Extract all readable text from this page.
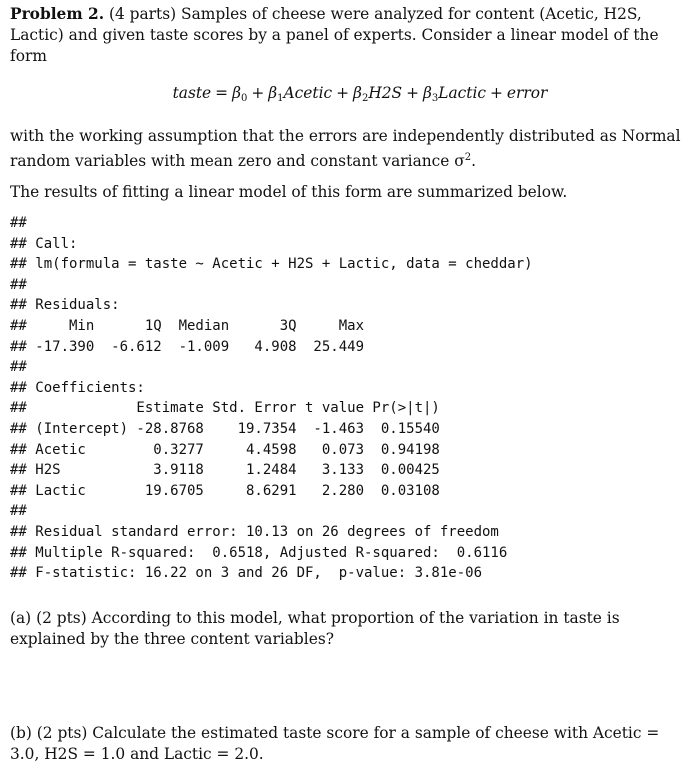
Problem 2. (4 parts) Samples of cheese were analyzed for content (Acetic, H2S, Lactic) and given taste scores by a panel of experts. Consider a linear model of the form

taste = $\beta_0$ + $\beta_1Acetic + \beta_2H2S$ + $\beta_3Lactic$ + error

with the working assumption that the errors are independently distributed as Normal random variables with mean zero and constant variance $\sigma^2$.

The results of fitting a linear model of this form are summarized below.

##
## Call:
## lm(formula = taste ~ Acetic + H2S + Lactic, data = cheddar)
##
## Residuals:
##     Min      1Q  Median      3Q     Max
## -17.390  -6.612  -1.009   4.908  25.449
##
## Coefficients:
##             Estimate Std. Error t value Pr(>|t|)
## (Intercept) -28.8768    19.7354  -1.463  0.15540
## Acetic        0.3277     4.4598   0.073  0.94198
## H2S           3.9118     1.2484   3.133  0.00425
## Lactic       19.6705     8.6291   2.280  0.03108
##
## Residual standard error: 10.13 on 26 degrees of freedom
## Multiple R-squared:  0.6518, Adjusted R-squared:  0.6116
## F-statistic: 16.22 on 3 and 26 DF,  p-value: 3.81e-06

(a) (2 pts) According to this model, what proportion of the variation in taste is explained by the three content variables?

(b) (2 pts) Calculate the estimated taste score for a sample of cheese with Acetic = 3.0, H2S = 1.0 and Lactic = 2.0.
